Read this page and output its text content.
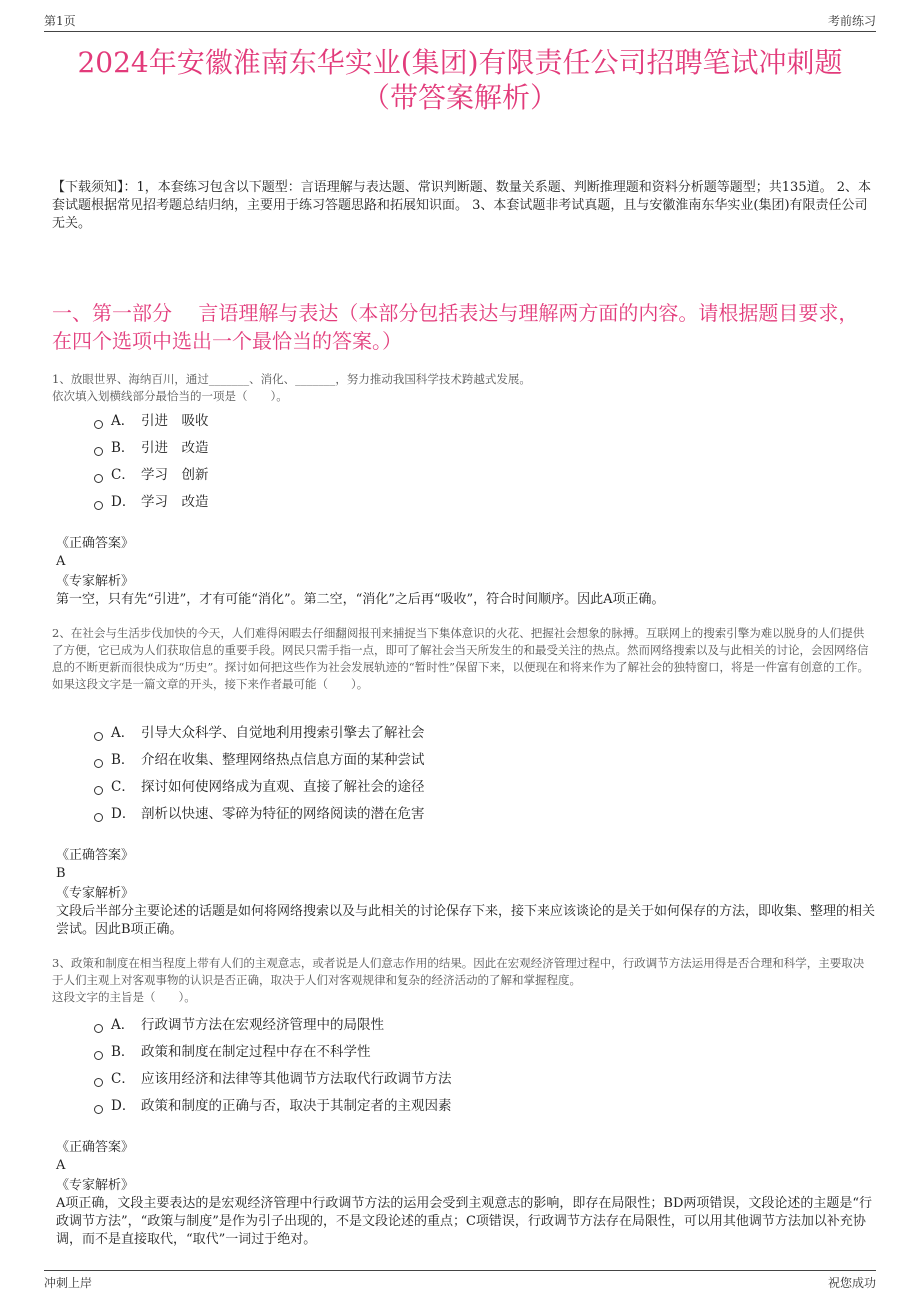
第1页	考前练习
2024年安徽淮南东华实业(集团)有限责任公司招聘笔试冲刺题
（带答案解析）
【下载须知】：1，本套练习包含以下题型：言语理解与表达题、常识判断题、数量关系题、判断推理题和资料分析题等题型；共135道。 2、本套试题根据常见招考题总结归纳，主要用于练习答题思路和拓展知识面。 3、本套试题非考试真题，且与安徽淮南东华实业(集团)有限责任公司无关。
一、第一部分　 言语理解与表达（本部分包括表达与理解两方面的内容。请根据题目要求，在四个选项中选出一个最恰当的答案。）
1、放眼世界、海纳百川，通过_______、消化、_______，努力推动我国科学技术跨越式发展。
依次填入划横线部分最恰当的一项是（　　）。
A． 引进　吸收
B． 引进　改造
C． 学习　创新
D． 学习　改造
《正确答案》
A
《专家解析》
第一空，只有先“引进”，才有可能“消化”。第二空，“消化”之后再“吸收”，符合时间顺序。因此A项正确。
2、在社会与生活步伐加快的今天，人们难得闲暇去仔细翻阅报刊来捕捉当下集体意识的火花、把握社会想象的脉搏。互联网上的搜索引擎为难以脱身的人们提供了方便，它已成为人们获取信息的重要手段。网民只需手指一点，即可了解社会当天所发生的和最受关注的热点。然而网络搜索以及与此相关的讨论，会因网络信息的不断更新而很快成为“历史”。探讨如何把这些作为社会发展轨迹的“暂时性”保留下来，以便现在和将来作为了解社会的独特窗口，将是一件富有创意的工作。
如果这段文字是一篇文章的开头，接下来作者最可能（　　）。
A． 引导大众科学、自觉地利用搜索引擎去了解社会
B． 介绍在收集、整理网络热点信息方面的某种尝试
C． 探讨如何使网络成为直观、直接了解社会的途径
D． 剖析以快速、零碎为特征的网络阅读的潜在危害
《正确答案》
B
《专家解析》
文段后半部分主要论述的话题是如何将网络搜索以及与此相关的讨论保存下来，接下来应该谈论的是关于如何保存的方法，即收集、整理的相关尝试。因此B项正确。
3、政策和制度在相当程度上带有人们的主观意志，或者说是人们意志作用的结果。因此在宏观经济管理过程中，行政调节方法运用得是否合理和科学，主要取决于人们主观上对客观事物的认识是否正确，取决于人们对客观规律和复杂的经济活动的了解和掌握程度。
这段文字的主旨是（　　）。
A． 行政调节方法在宏观经济管理中的局限性
B． 政策和制度在制定过程中存在不科学性
C． 应该用经济和法律等其他调节方法取代行政调节方法
D． 政策和制度的正确与否，取决于其制定者的主观因素
《正确答案》
A
《专家解析》
A项正确，文段主要表达的是宏观经济管理中行政调节方法的运用会受到主观意志的影响，即存在局限性；BD两项错误，文段论述的主题是“行政调节方法”，“政策与制度”是作为引子出现的，不是文段论述的重点；C项错误，行政调节方法存在局限性，可以用其他调节方法加以补充协调，而不是直接取代，“取代”一词过于绝对。
冲刺上岸	祝您成功
